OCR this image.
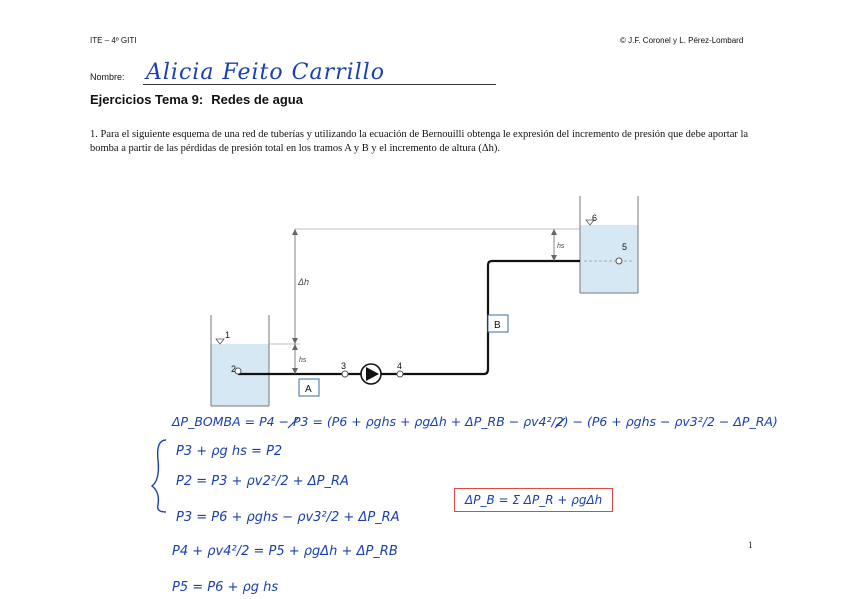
ITE – 4º GITI	© J.F. Coronel y L. Pérez-Lombard
Nombre: Alicia Feito Carrillo
Ejercicios Tema 9: Redes de agua
1. Para el siguiente esquema de una red de tuberías y utilizando la ecuación de Bernouilli obtenga le expresión del incremento de presión que debe aportar la bomba a partir de las pérdidas de presión total en los tramos A y B y el incremento de altura (Δh).
Δh
hs
hs
1
2	3	4
5
6
A
B
ΔP_BOMBA = P4 − P3 = (P6 + ρghs + ρgΔh + ΔP_RB − ρv4²/2) − (P6 + ρghs − ρv3²/2 − ΔP_RA)
P3 + ρg hs = P2
P2 = P3 + ρv2²/2 + ΔP_RA
P3 = P6 + ρghs − ρv3²/2 + ΔP_RA
P4 + ρv4²/2 = P5 + ρgΔh + ΔP_RB
P5 = P6 + ρg hs
ΔP_B = Σ ΔP_R + ρgΔh
1
